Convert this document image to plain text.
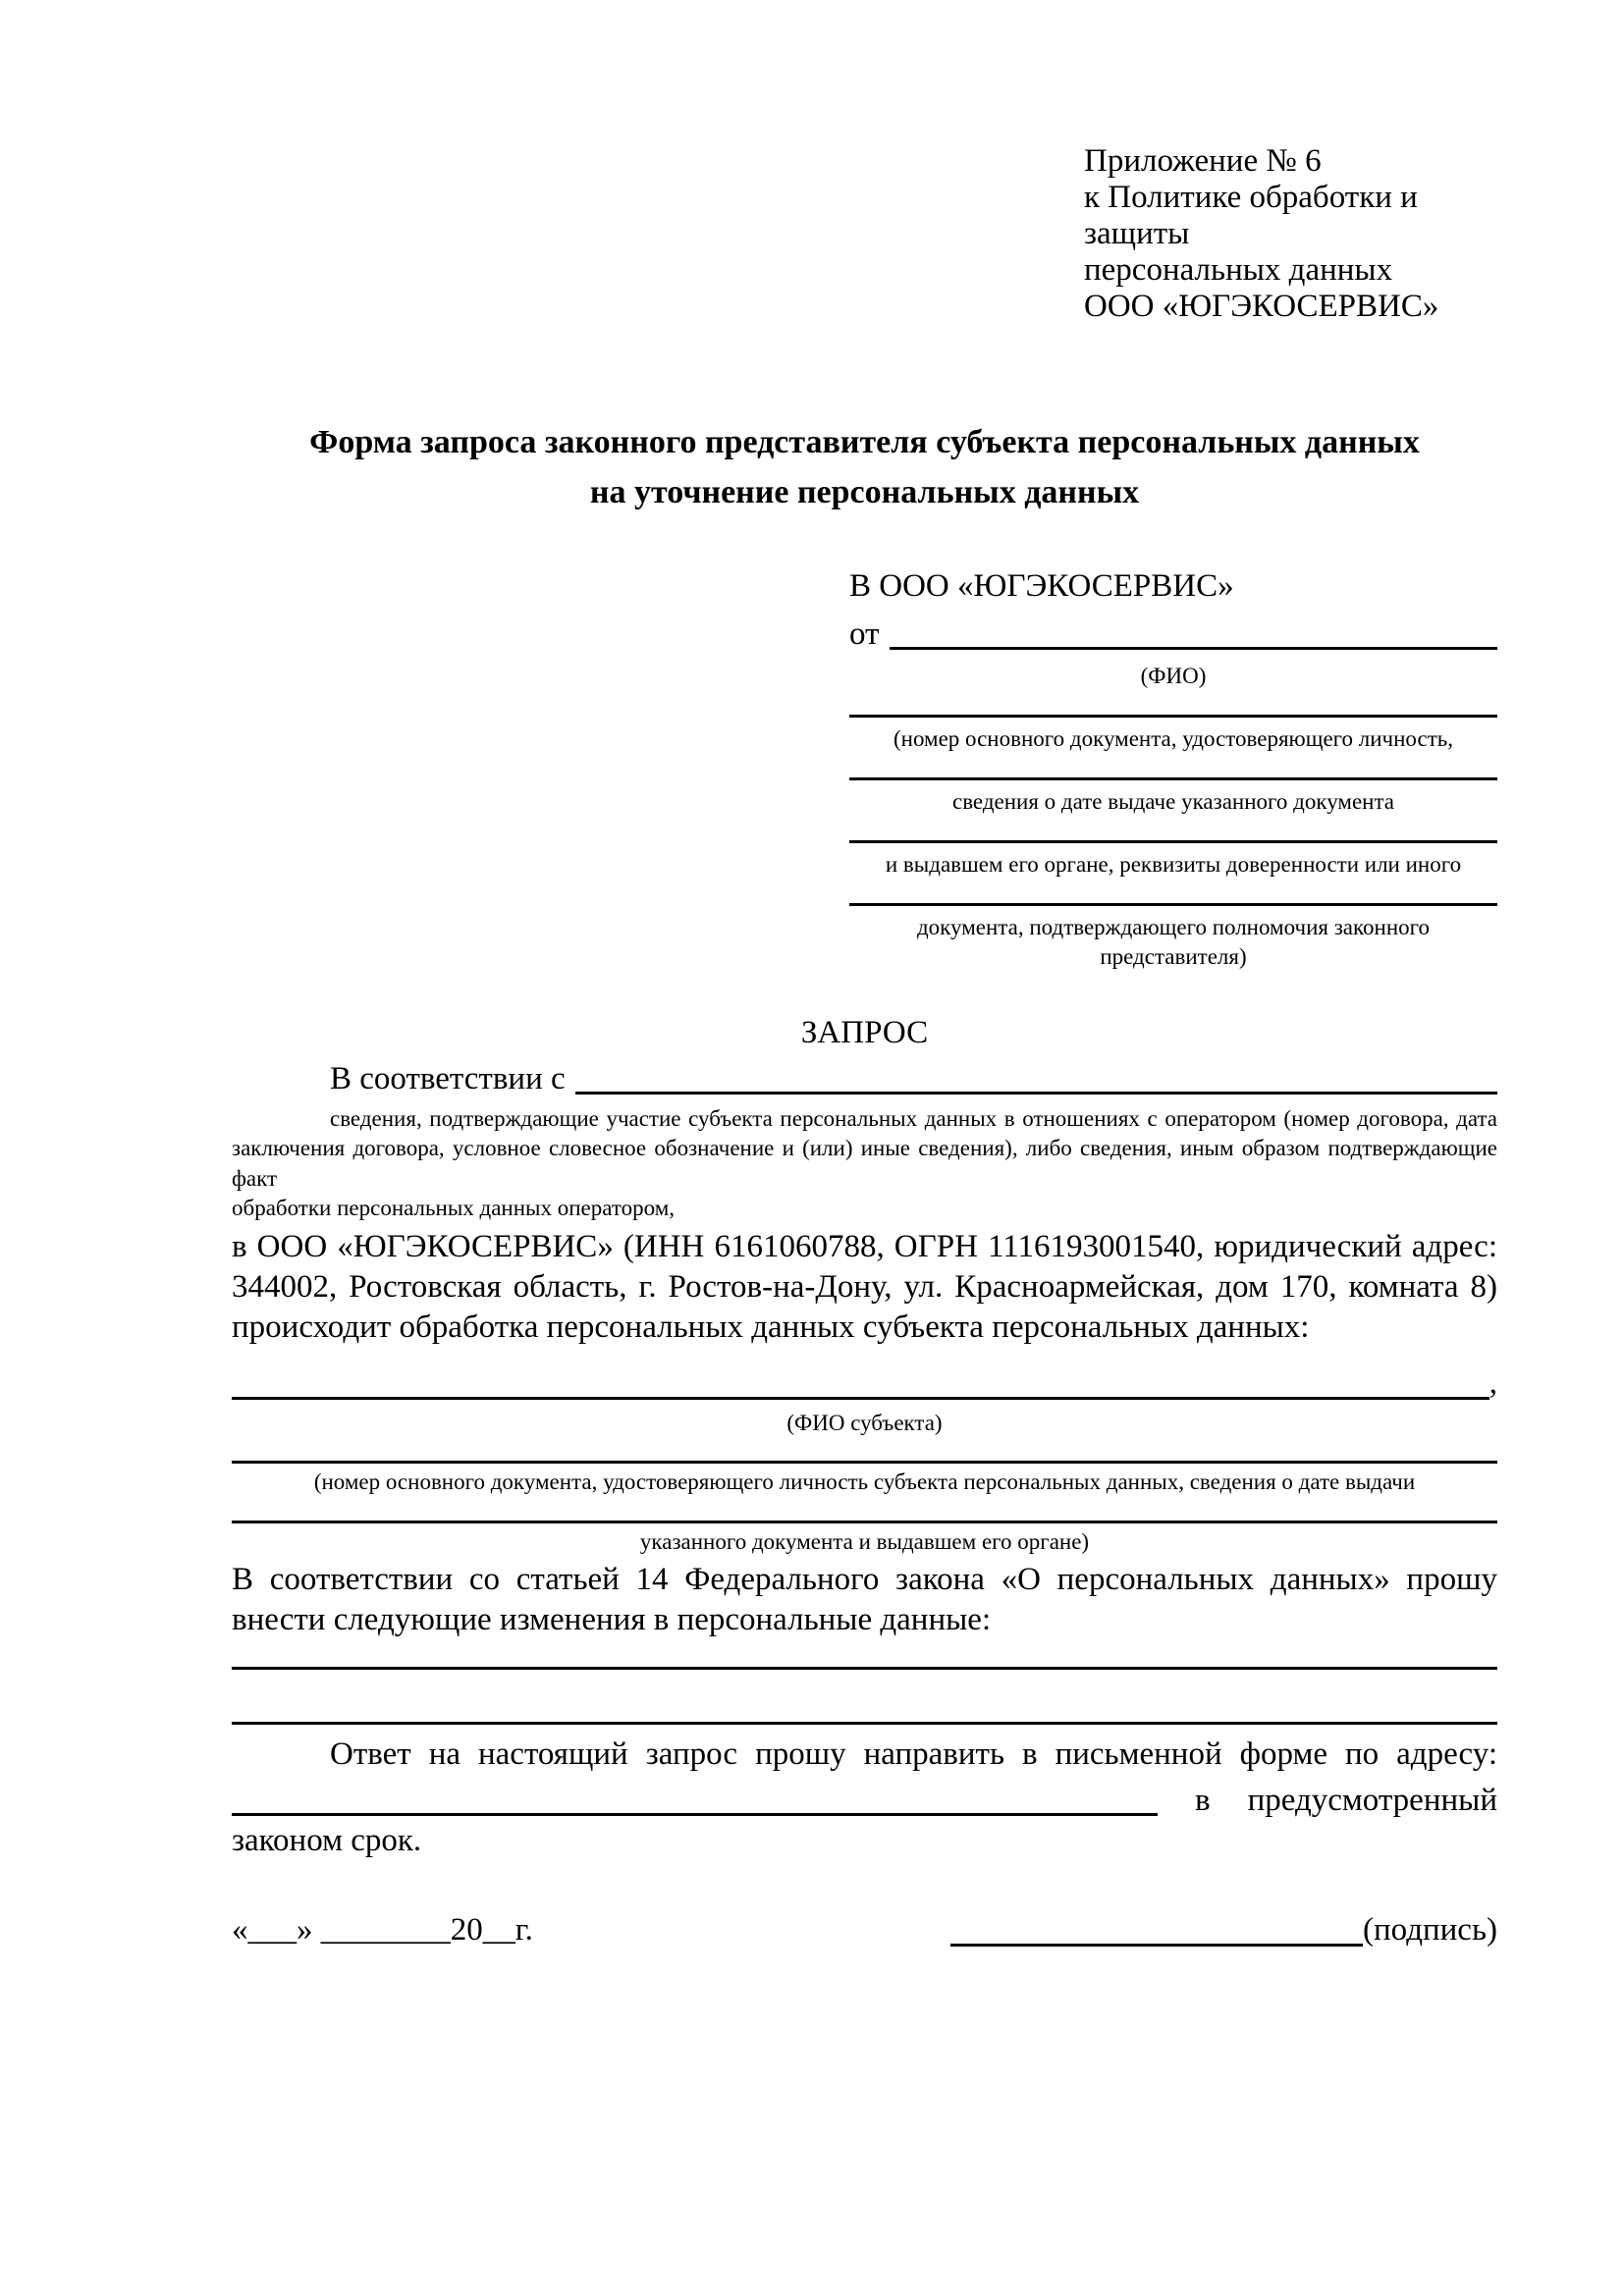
Приложение № 6
к Политике обработки и защиты
персональных данных
ООО «ЮГЭКОСЕРВИС»
Форма запроса законного представителя субъекта персональных данных
на уточнение персональных данных
В ООО «ЮГЭКОСЕРВИС»
от
(ФИО)
(номер основного документа, удостоверяющего личность,
сведения о дате выдаче указанного документа
и выдавшем его органе, реквизиты доверенности или иного
документа, подтверждающего полномочия законного представителя)
ЗАПРОС
В соответствии с
сведения, подтверждающие участие субъекта персональных данных в отношениях с оператором (номер договора, дата
заключения договора, условное словесное обозначение и (или) иные сведения), либо сведения, иным образом подтверждающие факт
обработки персональных данных оператором,
в ООО «ЮГЭКОСЕРВИС» (ИНН 6161060788, ОГРН 1116193001540, юридический адрес:
344002, Ростовская область, г. Ростов-на-Дону, ул. Красноармейская, дом 170, комната 8)
происходит обработка персональных данных субъекта персональных данных:
,
(ФИО субъекта)
(номер основного документа, удостоверяющего личность субъекта персональных данных, сведения о дате выдачи
указанного документа и выдавшем его органе)
В соответствии со статьей 14 Федерального закона «О персональных данных» прошу
внести следующие изменения в персональные данные:
Ответ на настоящий запрос прошу направить в письменной форме по адресу:
в предусмотренный
законом срок.
«___» ________20__г.	(подпись)
